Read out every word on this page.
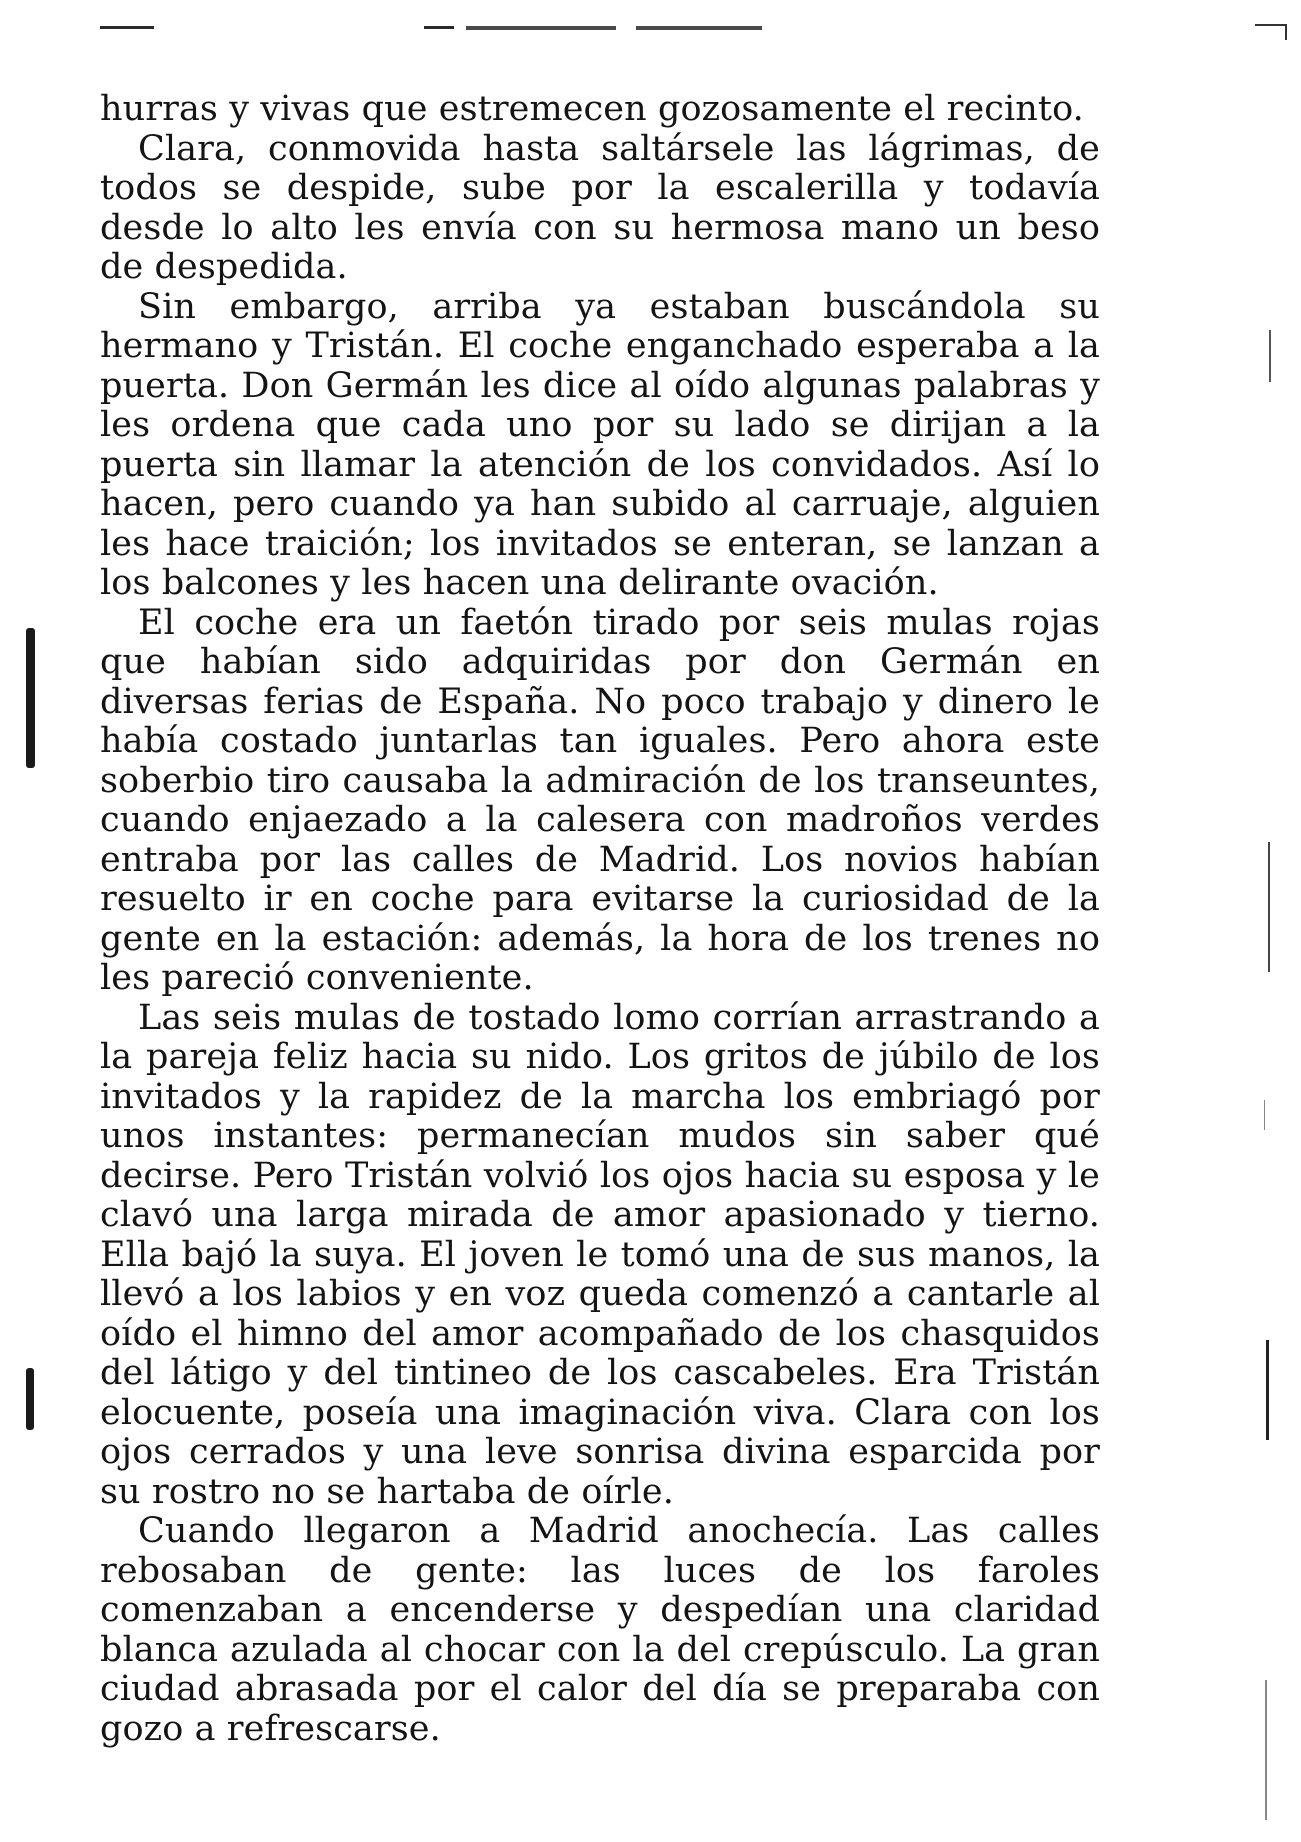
hurras y vivas que estremecen gozosamente el recinto.

Clara, conmovida hasta saltársele las lágrimas, de todos se despide, sube por la escalerilla y todavía desde lo alto les envía con su hermosa mano un beso de despedida.

Sin embargo, arriba ya estaban buscándola su hermano y Tristán. El coche enganchado esperaba a la puerta. Don Germán les dice al oído algunas palabras y les ordena que cada uno por su lado se dirijan a la puerta sin llamar la atención de los convidados. Así lo hacen, pero cuando ya han subido al carruaje, alguien les hace traición; los invitados se enteran, se lanzan a los balcones y les hacen una delirante ovación.

El coche era un faetón tirado por seis mulas rojas que habían sido adquiridas por don Germán en diversas ferias de España. No poco trabajo y dinero le había costado juntarlas tan iguales. Pero ahora este soberbio tiro causaba la admiración de los transeuntes, cuando enjaezado a la calesera con madroños verdes entraba por las calles de Madrid. Los novios habían resuelto ir en coche para evitarse la curiosidad de la gente en la estación: además, la hora de los trenes no les pareció conveniente.

Las seis mulas de tostado lomo corrían arrastrando a la pareja feliz hacia su nido. Los gritos de júbilo de los invitados y la rapidez de la marcha los embriagó por unos instantes: permanecían mudos sin saber qué decirse. Pero Tristán volvió los ojos hacia su esposa y le clavó una larga mirada de amor apasionado y tierno. Ella bajó la suya. El joven le tomó una de sus manos, la llevó a los labios y en voz queda comenzó a cantarle al oído el himno del amor acompañado de los chasquidos del látigo y del tintineo de los cascabeles. Era Tristán elocuente, poseía una imaginación viva. Clara con los ojos cerrados y una leve sonrisa divina esparcida por su rostro no se hartaba de oírle.

Cuando llegaron a Madrid anochecía. Las calles rebosaban de gente: las luces de los faroles comenzaban a encenderse y despedían una claridad blanca azulada al chocar con la del crepúsculo. La gran ciudad abrasada por el calor del día se preparaba con gozo a refrescarse.
